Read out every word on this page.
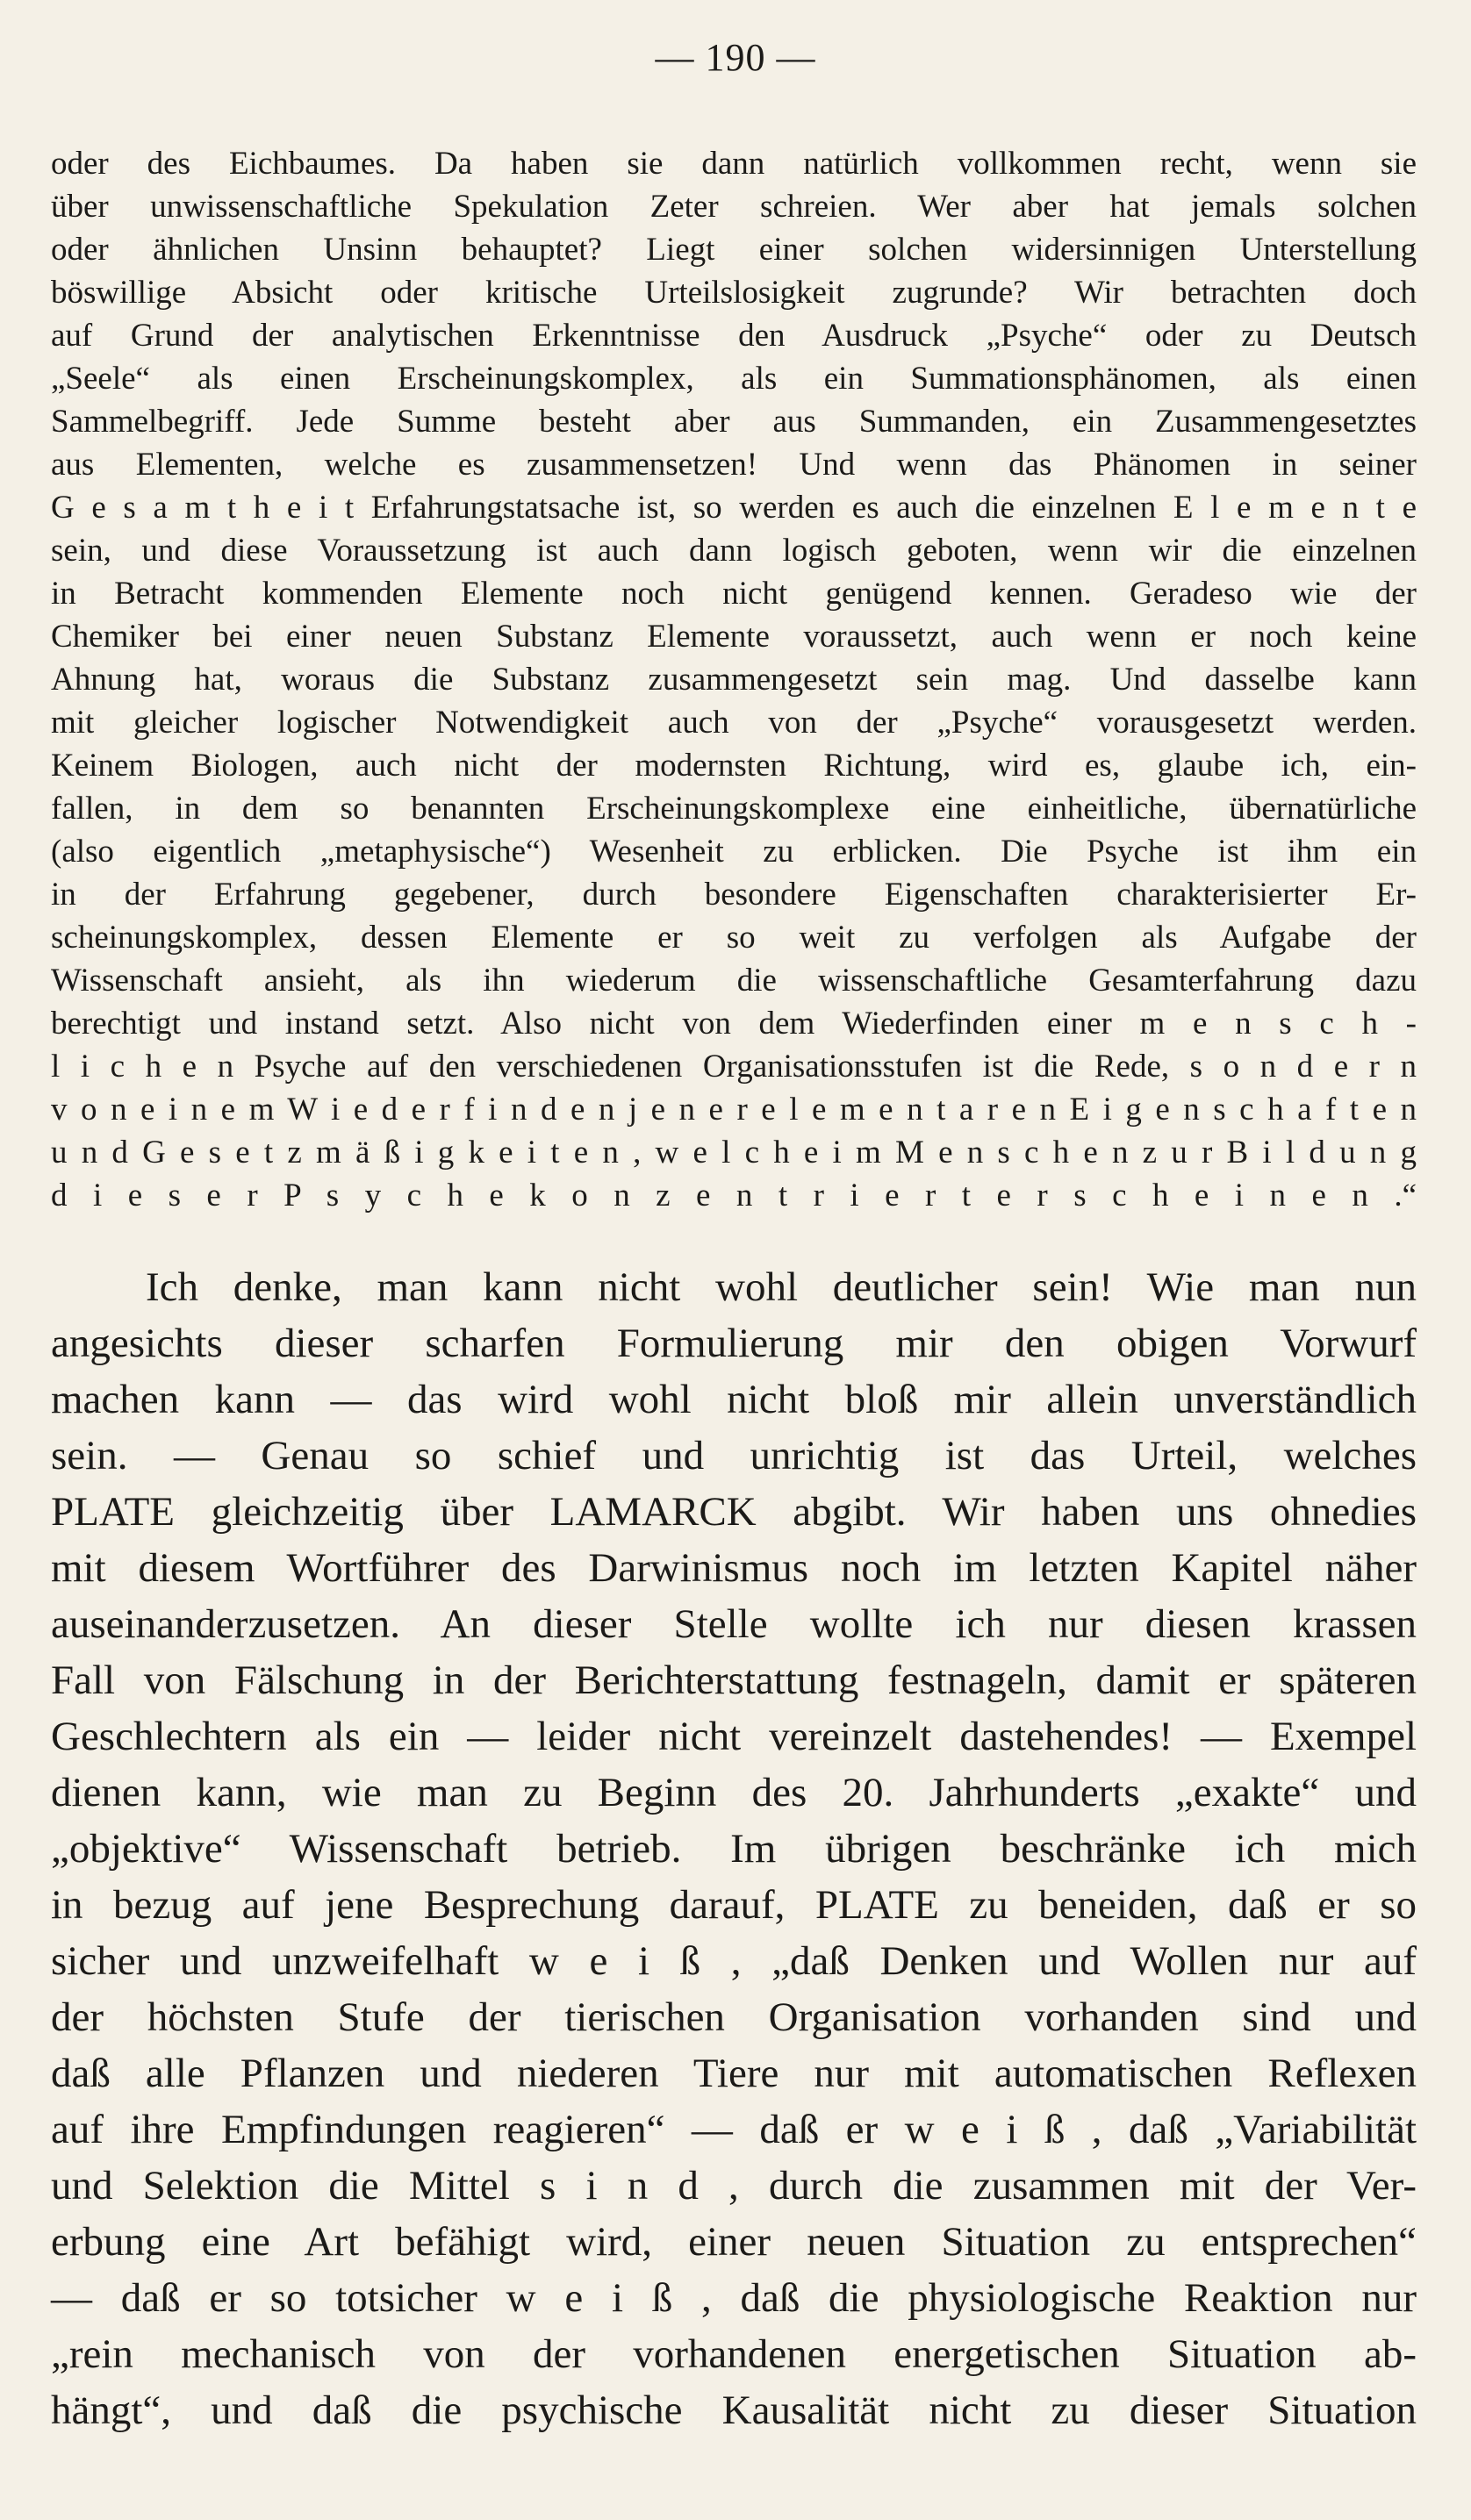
— 190 —
oder des Eichbaumes. Da haben sie dann natürlich vollkommen recht, wenn sie
über unwissenschaftliche Spekulation Zeter schreien. Wer aber hat jemals solchen
oder ähnlichen Unsinn behauptet? Liegt einer solchen widersinnigen Unterstellung
böswillige Absicht oder kritische Urteilslosigkeit zugrunde? Wir betrachten doch
auf Grund der analytischen Erkenntnisse den Ausdruck „Psyche“ oder zu Deutsch
„Seele“ als einen Erscheinungskomplex, als ein Summationsphänomen, als einen
Sammelbegriff. Jede Summe besteht aber aus Summanden, ein Zusammengesetztes
aus Elementen, welche es zusammensetzen! Und wenn das Phänomen in seiner
G e s a m t h e i t Erfahrungstatsache ist, so werden es auch die einzelnen E l e m e n t e
sein, und diese Voraussetzung ist auch dann logisch geboten, wenn wir die einzelnen
in Betracht kommenden Elemente noch nicht genügend kennen. Geradeso wie der
Chemiker bei einer neuen Substanz Elemente voraussetzt, auch wenn er noch keine
Ahnung hat, woraus die Substanz zusammengesetzt sein mag. Und dasselbe kann
mit gleicher logischer Notwendigkeit auch von der „Psyche“ vorausgesetzt werden.
Keinem Biologen, auch nicht der modernsten Richtung, wird es, glaube ich, ein-
fallen, in dem so benannten Erscheinungskomplexe eine einheitliche, übernatürliche
(also eigentlich „metaphysische“) Wesenheit zu erblicken. Die Psyche ist ihm ein
in der Erfahrung gegebener, durch besondere Eigenschaften charakterisierter Er-
scheinungskomplex, dessen Elemente er so weit zu verfolgen als Aufgabe der
Wissenschaft ansieht, als ihn wiederum die wissenschaftliche Gesamterfahrung dazu
berechtigt und instand setzt. Also nicht von dem Wiederfinden einer m e n s c h -
l i c h e n Psyche auf den verschiedenen Organisationsstufen ist die Rede, s o n d e r n
v o n e i n e m W i e d e r f i n d e n j e n e r e l e m e n t a r e n E i g e n s c h a f t e n
u n d G e s e t z m ä ß i g k e i t e n , w e l c h e i m M e n s c h e n z u r B i l d u n g
d i e s e r P s y c h e k o n z e n t r i e r t e r s c h e i n e n .“
Ich denke, man kann nicht wohl deutlicher sein! Wie man nun
angesichts dieser scharfen Formulierung mir den obigen Vorwurf
machen kann — das wird wohl nicht bloß mir allein unverständlich
sein. — Genau so schief und unrichtig ist das Urteil, welches
PLATE gleichzeitig über LAMARCK abgibt. Wir haben uns ohnedies
mit diesem Wortführer des Darwinismus noch im letzten Kapitel näher
auseinanderzusetzen. An dieser Stelle wollte ich nur diesen krassen
Fall von Fälschung in der Berichterstattung festnageln, damit er späteren
Geschlechtern als ein — leider nicht vereinzelt dastehendes! — Exempel
dienen kann, wie man zu Beginn des 20. Jahrhunderts „exakte“ und
„objektive“ Wissenschaft betrieb. Im übrigen beschränke ich mich
in bezug auf jene Besprechung darauf, PLATE zu beneiden, daß er so
sicher und unzweifelhaft w e i ß , „daß Denken und Wollen nur auf
der höchsten Stufe der tierischen Organisation vorhanden sind und
daß alle Pflanzen und niederen Tiere nur mit automatischen Reflexen
auf ihre Empfindungen reagieren“ — daß er w e i ß , daß „Variabilität
und Selektion die Mittel s i n d , durch die zusammen mit der Ver-
erbung eine Art befähigt wird, einer neuen Situation zu entsprechen“
— daß er so totsicher w e i ß , daß die physiologische Reaktion nur
„rein mechanisch von der vorhandenen energetischen Situation ab-
hängt“, und daß die psychische Kausalität nicht zu dieser Situation
